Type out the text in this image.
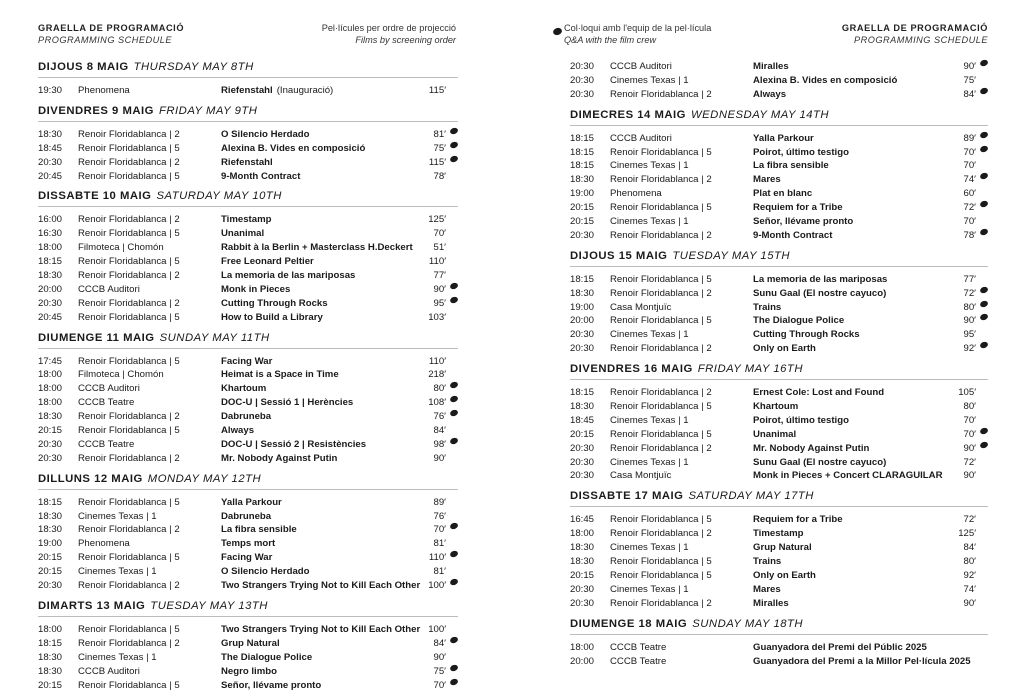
GRAELLA DE PROGRAMACIÓ
PROGRAMMING SCHEDULE
Pel·lícules per ordre de projecció
Films by screening order
DIJOUS 8 MAIG THURSDAY MAY 8TH
19:30 Phenomena	Riefenstahl (Inauguració)	115′
DIVENDRES 9 MAIG FRIDAY MAY 9TH
18:30 Renoir Floridablanca | 2	O Silencio Herdado	81′
18:45 Renoir Floridablanca | 5	Alexina B. Vides en composició	75′
20:30 Renoir Floridablanca | 2	Riefenstahl	115′
20:45 Renoir Floridablanca | 5	9-Month Contract	78′
DISSABTE 10 MAIG SATURDAY MAY 10TH
16:00 Renoir Floridablanca | 2	Timestamp	125′
16:30 Renoir Floridablanca | 5	Unanimal	70′
18:00 Filmoteca | Chomón	Rabbit à la Berlin + Masterclass H.Deckert 51′
18:15 Renoir Floridablanca | 5	Free Leonard Peltier	110′
18:30 Renoir Floridablanca | 2	La memoria de las mariposas	77′
20:00 CCCB Auditori	Monk in Pieces	90′
20:30 Renoir Floridablanca | 2	Cutting Through Rocks	95′
20:45 Renoir Floridablanca | 5	How to Build a Library	103′
DIUMENGE 11 MAIG SUNDAY MAY 11TH
17:45 Renoir Floridablanca | 5	Facing War	110′
18:00 Filmoteca | Chomón	Heimat is a Space in Time	218′
18:00 CCCB Auditori	Khartoum	80′
18:00 CCCB Teatre	DOC-U | Sessió 1 | Herències	108′
18:30 Renoir Floridablanca | 2	Dabruneba	76′
20:15 Renoir Floridablanca | 5	Always	84′
20:30 CCCB Teatre	DOC-U | Sessió 2 | Resistències	98′
20:30 Renoir Floridablanca | 2	Mr. Nobody Against Putin	90′
DILLUNS 12 MAIG MONDAY MAY 12TH
18:15 Renoir Floridablanca | 5	Yalla Parkour	89′
18:30 Cinemes Texas | 1	Dabruneba	76′
18:30 Renoir Floridablanca | 2	La fibra sensible	70′
19:00 Phenomena	Temps mort	81′
20:15 Renoir Floridablanca | 5	Facing War	110′
20:15 Cinemes Texas | 1	O Silencio Herdado	81′
20:30 Renoir Floridablanca | 2	Two Strangers Trying Not to Kill Each Other 100′
DIMARTS 13 MAIG TUESDAY MAY 13TH
18:00 Renoir Floridablanca | 5	Two Strangers Trying Not to Kill Each Other 100′
18:15 Renoir Floridablanca | 2	Grup Natural	84′
18:30 Cinemes Texas | 1	The Dialogue Police	90′
18:30 CCCB Auditori	Negro limbo	75′
20:15 Renoir Floridablanca | 5	Señor, llévame pronto	70′
Col·loqui amb l'equip de la pel·lícula
Q&A with the film crew
GRAELLA DE PROGRAMACIÓ
PROGRAMMING SCHEDULE
20:30 CCCB Auditori	Miralles	90′
20:30 Cinemes Texas | 1	Alexina B. Vides en composició	75′
20:30 Renoir Floridablanca | 2	Always	84′
DIMECRES 14 MAIG WEDNESDAY MAY 14TH
18:15 CCCB Auditori	Yalla Parkour	89′
18:15 Renoir Floridablanca | 5	Poirot, último testigo	70′
18:15 Cinemes Texas | 1	La fibra sensible	70′
18:30 Renoir Floridablanca | 2	Mares	74′
19:00 Phenomena	Plat en blanc	60′
20:15 Renoir Floridablanca | 5	Requiem for a Tribe	72′
20:15 Cinemes Texas | 1	Señor, llévame pronto	70′
20:30 Renoir Floridablanca | 2	9-Month Contract	78′
DIJOUS 15 MAIG TUESDAY MAY 15TH
18:15 Renoir Floridablanca | 5	La memoria de las mariposas	77′
18:30 Renoir Floridablanca | 2	Sunu Gaal (El nostre cayuco)	72′
19:00 Casa Montjuïc	Trains	80′
20:00 Renoir Floridablanca | 5	The Dialogue Police	90′
20:30 Cinemes Texas | 1	Cutting Through Rocks	95′
20:30 Renoir Floridablanca | 2	Only on Earth	92′
DIVENDRES 16 MAIG FRIDAY MAY 16TH
18:15 Renoir Floridablanca | 2	Ernest Cole: Lost and Found	105′
18:30 Renoir Floridablanca | 5	Khartoum	80′
18:45 Cinemes Texas | 1	Poirot, último testigo	70′
20:15 Renoir Floridablanca | 5	Unanimal	70′
20:30 Renoir Floridablanca | 2	Mr. Nobody Against Putin	90′
20:30 Cinemes Texas | 1	Sunu Gaal (El nostre cayuco)	72′
20:30 Casa Montjuïc	Monk in Pieces + Concert CLARAGUILAR 90′
DISSABTE 17 MAIG SATURDAY MAY 17TH
16:45 Renoir Floridablanca | 5	Requiem for a Tribe	72′
18:00 Renoir Floridablanca | 2	Timestamp	125′
18:30 Cinemes Texas | 1	Grup Natural	84′
18:30 Renoir Floridablanca | 5	Trains	80′
20:15 Renoir Floridablanca | 5	Only on Earth	92′
20:30 Cinemes Texas | 1	Mares	74′
20:30 Renoir Floridablanca | 2	Miralles	90′
DIUMENGE 18 MAIG SUNDAY MAY 18TH
18:00 CCCB Teatre	Guanyadora del Premi del Públic 2025
20:00 CCCB Teatre	Guanyadora del Premi a la Millor Pel·lícula 2025
